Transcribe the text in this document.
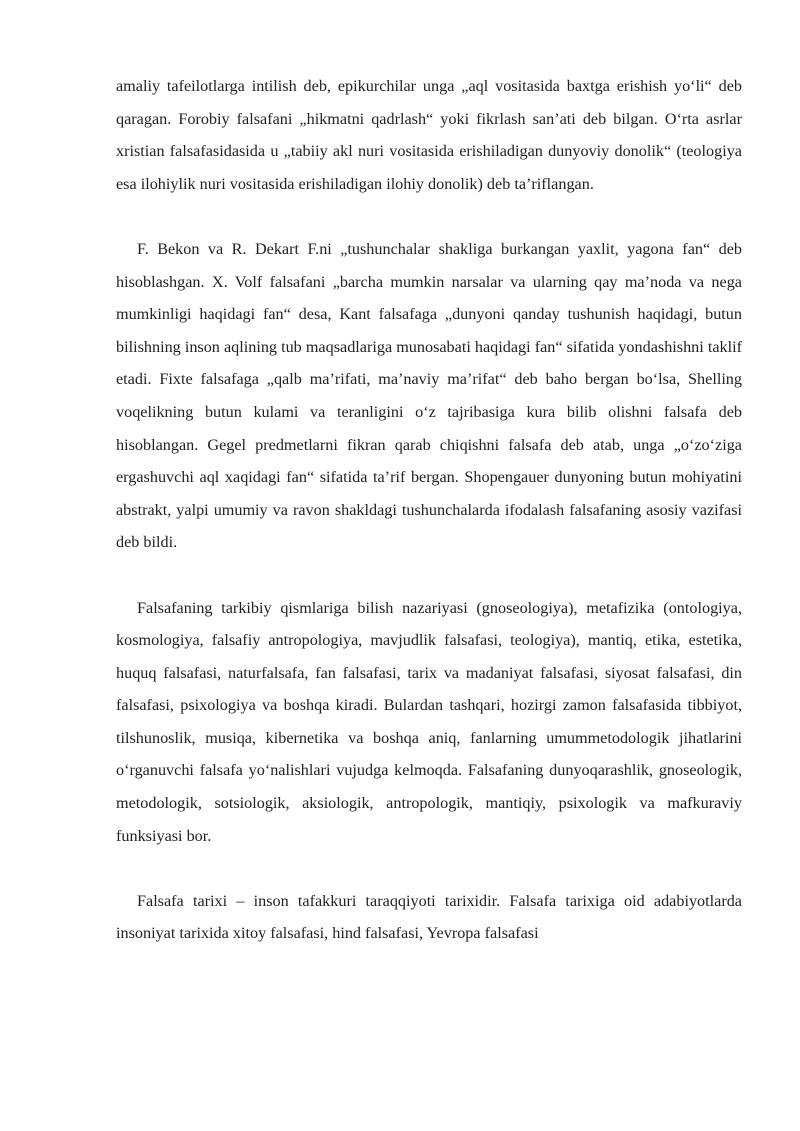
amaliy tafeilotlarga intilish deb, epikurchilar unga „aql vositasida baxtga erishish yo‘li“ deb qaragan. Forobiy falsafani „hikmatni qadrlash“ yoki fikrlash san’ati deb bilgan. O‘rta asrlar xristian falsafasidasida u „tabiiy akl nuri vositasida erishiladigan dunyoviy donolik“ (teologiya esa ilohiylik nuri vositasida erishiladigan ilohiy donolik) deb ta’riflangan.

F. Bekon va R. Dekart F.ni „tushunchalar shakliga burkangan yaxlit, yagona fan“ deb hisoblashgan. X. Volf falsafani „barcha mumkin narsalar va ularning qay ma’noda va nega mumkinligi haqidagi fan“ desa, Kant falsafaga „dunyoni qanday tushunish haqidagi, butun bilishning inson aqlining tub maqsadlariga munosabati haqidagi fan“ sifatida yondashishni taklif etadi. Fixte falsafaga „qalb ma’rifati, ma’naviy ma’rifat“ deb baho bergan bo‘lsa, Shelling voqelikning butun kulami va teranligini o‘z tajribasiga kura bilib olishni falsafa deb hisoblangan. Gegel predmetlarni fikran qarab chiqishni falsafa deb atab, unga „o‘zo‘ziga ergashuvchi aql xaqidagi fan“ sifatida ta’rif bergan. Shopengauer dunyoning butun mohiyatini abstrakt, yalpi umumiy va ravon shakldagi tushunchalarda ifodalash falsafaning asosiy vazifasi deb bildi.

Falsafaning tarkibiy qismlariga bilish nazariyasi (gnoseologiya), metafizika (ontologiya, kosmologiya, falsafiy antropologiya, mavjudlik falsafasi, teologiya), mantiq, etika, estetika, huquq falsafasi, naturfalsafa, fan falsafasi, tarix va madaniyat falsafasi, siyosat falsafasi, din falsafasi, psixologiya va boshqa kiradi. Bulardan tashqari, hozirgi zamon falsafasida tibbiyot, tilshunoslik, musiqa, kibernetika va boshqa aniq, fanlarning umummetodologik jihatlarini o‘rganuvchi falsafa yo‘nalishlari vujudga kelmoqda. Falsafaning dunyoqarashlik, gnoseologik, metodologik, sotsiologik, aksiologik, antropologik, mantiqiy, psixologik va mafkuraviy funksiyasi bor.

Falsafa tarixi – inson tafakkuri taraqqiyoti tarixidir. Falsafa tarixiga oid adabiyotlarda insoniyat tarixida xitoy falsafasi, hind falsafasi, Yevropa falsafasi
